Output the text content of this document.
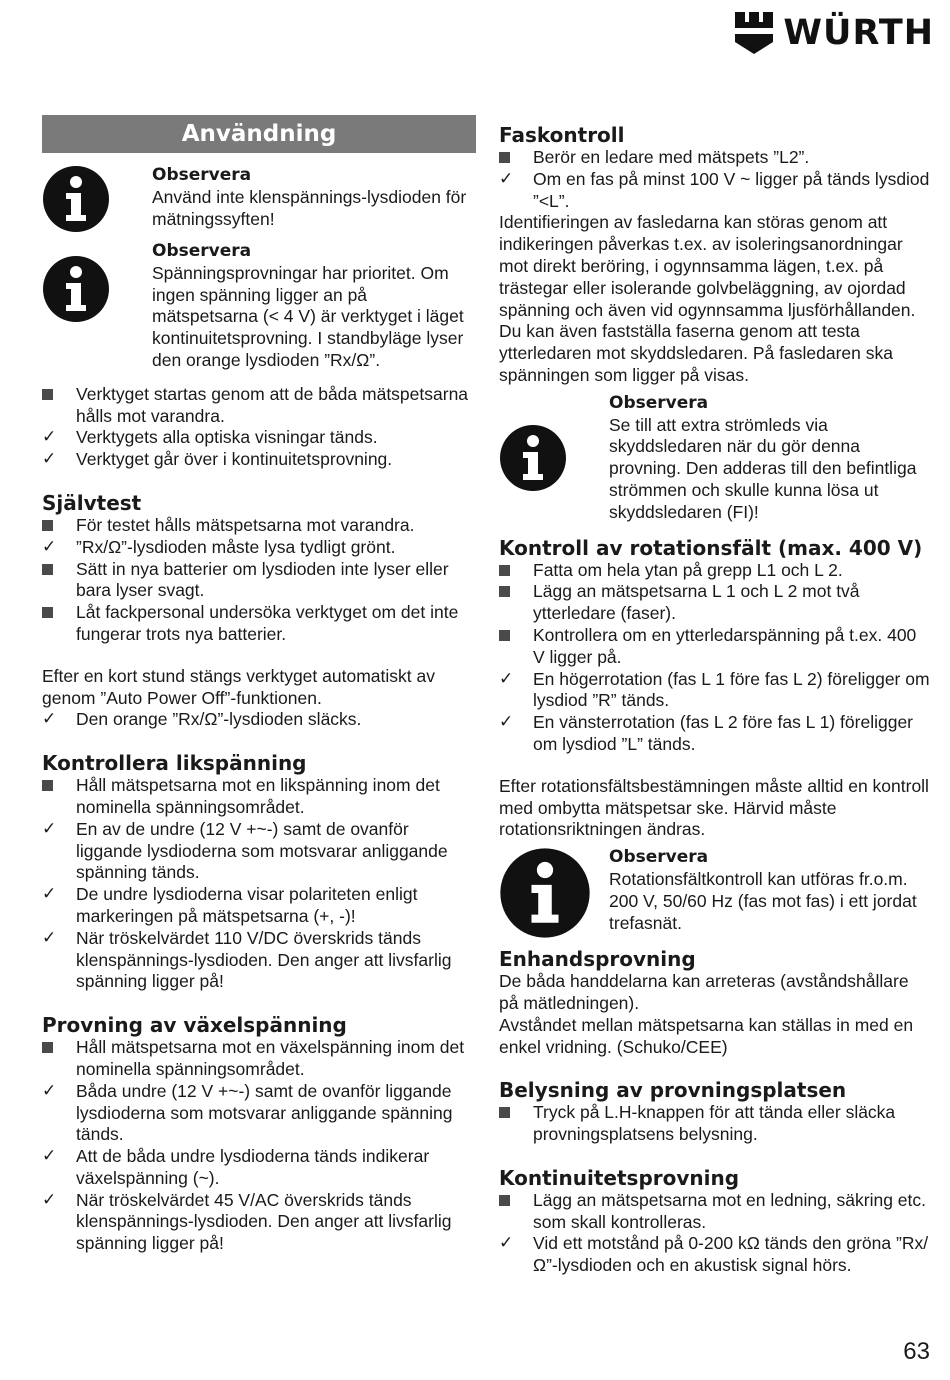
WÜRTH
Användning
Observera

Använd inte klenspännings-lysdioden för mätningssyften!

Observera

Spänningsprovningar har prioritet. Om ingen spänning ligger an på mätspetsarna (< 4 V) är verktyget i läget kontinuitetsprovning. I standbyläge lyser den orange lysdioden ”Rx/Ω”.

Verktyget startas genom att de båda mätspetsarna hålls mot varandra.
✓	Verktygets alla optiska visningar tänds.
✓	Verktyget går över i kontinuitetsprovning.
Självtest
För testet hålls mätspetsarna mot varandra.
✓	”Rx/Ω”-lysdioden måste lysa tydligt grönt.
Sätt in nya batterier om lysdioden inte lyser eller bara lyser svagt.
Låt fackpersonal undersöka verktyget om det inte fungerar trots nya batterier.

Efter en kort stund stängs verktyget automatiskt av genom ”Auto Power Off”-funktionen.

✓	Den orange ”Rx/Ω”-lysdioden släcks.
Kontrollera likspänning
Håll mätspetsarna mot en likspänning inom det nominella spänningsområdet.
✓	En av de undre (12 V +~-) samt de ovanför liggande lysdioderna som motsvarar anliggande spänning tänds.
✓	De undre lysdioderna visar polariteten enligt markeringen på mätspetsarna (+, -)!
✓	När tröskelvärdet 110 V/DC överskrids tänds klenspännings-lysdioden. Den anger att livsfarlig spänning ligger på!
Provning av växelspänning
Håll mätspetsarna mot en växelspänning inom det nominella spänningsområdet.
✓	Båda undre (12 V +~-) samt de ovanför liggande lysdioderna som motsvarar anliggande spänning tänds.
✓	Att de båda undre lysdioderna tänds indikerar växelspänning (~).
✓	När tröskelvärdet 45 V/AC överskrids tänds klenspännings-lysdioden. Den anger att livsfarlig spänning ligger på!
Faskontroll
Berör en ledare med mätspets ”L2”.
✓	Om en fas på minst 100 V ~ ligger på tänds lysdiod ”<L”.

Identifieringen av fasledarna kan störas genom att indikeringen påverkas t.ex. av isoleringsanordningar mot direkt beröring, i ogynnsamma lägen, t.ex. på trästegar eller isolerande golvbeläggning, av ojordad spänning och även vid ogynnsamma ljusförhållanden.

Du kan även fastställa faserna genom att testa ytterledaren mot skyddsledaren. På fasledaren ska spänningen som ligger på visas.

Observera

Se till att extra strömleds via skyddsledaren när du gör denna provning. Den adderas till den befintliga strömmen och skulle kunna lösa ut skyddsledaren (FI)!

Kontroll av rotationsfält (max. 400 V)
Fatta om hela ytan på grepp L1 och L 2.
Lägg an mätspetsarna L 1 och L 2 mot två ytterledare (faser).
Kontrollera om en ytterledarspänning på t.ex. 400 V ligger på.
✓	En högerrotation (fas L 1 före fas L 2) föreligger om lysdiod ”R” tänds.
✓	En vänsterrotation (fas L 2 före fas L 1) föreligger om lysdiod ”L” tänds.

Efter rotationsfältsbestämningen måste alltid en kontroll med ombytta mätspetsar ske. Härvid måste rotationsriktningen ändras.

Observera

Rotationsfältkontroll kan utföras fr.o.m. 200 V, 50/60 Hz (fas mot fas) i ett jordat trefasnät.

Enhandsprovning

De båda handdelarna kan arreteras (avståndshållare på mätledningen).

Avståndet mellan mätspetsarna kan ställas in med en enkel vridning. (Schuko/CEE)

Belysning av provningsplatsen
Tryck på L.H-knappen för att tända eller släcka provningsplatsens belysning.
Kontinuitetsprovning
Lägg an mätspetsarna mot en ledning, säkring etc. som skall kontrolleras.
✓	Vid ett motstånd på 0-200 kΩ tänds den gröna ”Rx/Ω”-lysdioden och en akustisk signal hörs.
63
